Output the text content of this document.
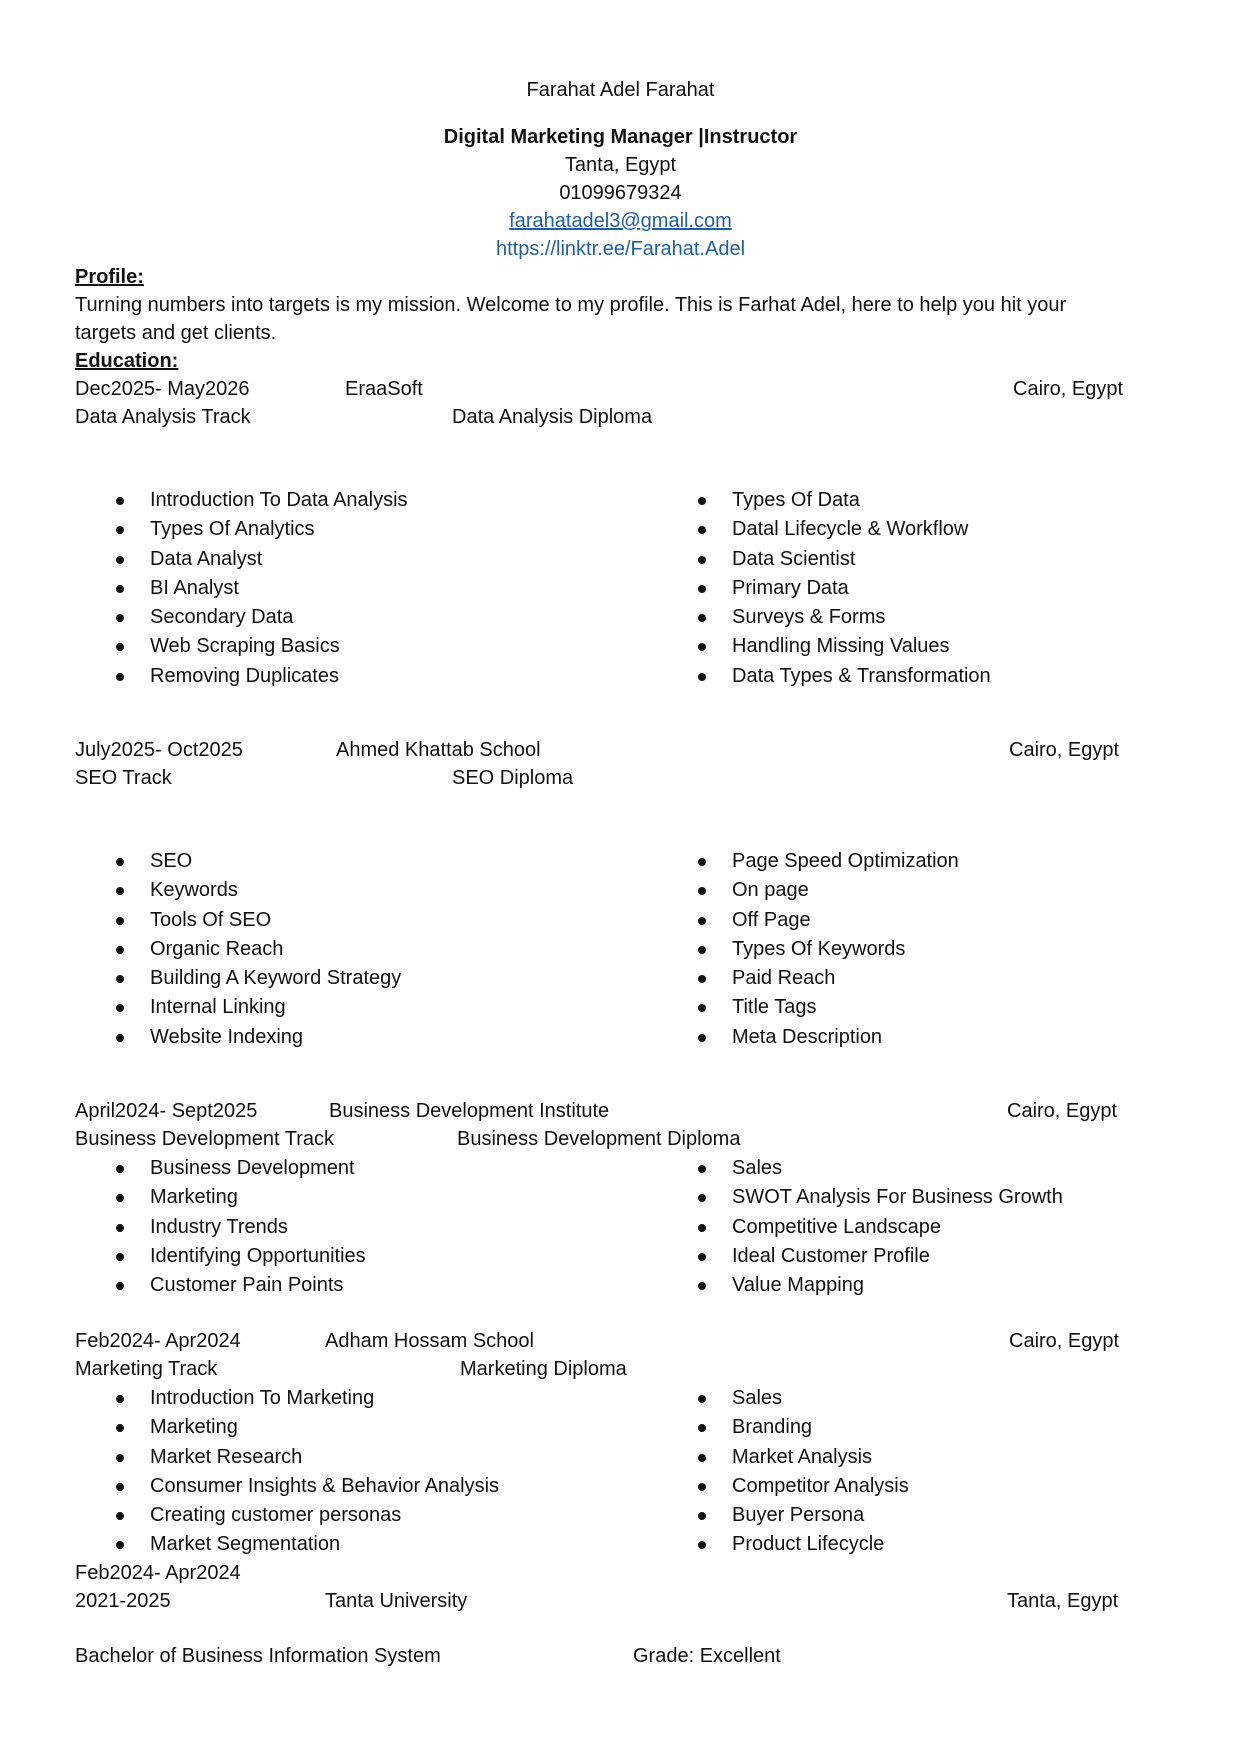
Farahat Adel Farahat
Digital Marketing Manager |Instructor
Tanta, Egypt
01099679324
farahatadel3@gmail.com
https://linktr.ee/Farahat.Adel
Profile:
Turning numbers into targets is my mission. Welcome to my profile. This is Farhat Adel, here to help you hit your
targets and get clients.
Education:
Dec2025- May2026	EraaSoft	Cairo, Egypt
Data Analysis Track	Data Analysis Diploma
Introduction To Data Analysis
Types Of Analytics
Data Analyst
BI Analyst
Secondary Data
Web Scraping Basics
Removing Duplicates
Types Of Data
Datal Lifecycle & Workflow
Data Scientist
Primary Data
Surveys & Forms
Handling Missing Values
Data Types & Transformation
July2025- Oct2025	Ahmed Khattab School	Cairo, Egypt
SEO Track	SEO Diploma
SEO
Keywords
Tools Of SEO
Organic Reach
Building A Keyword Strategy
Internal Linking
Website Indexing
Page Speed Optimization
On page
Off Page
Types Of Keywords
Paid Reach
Title Tags
Meta Description
April2024- Sept2025	Business Development Institute	Cairo, Egypt
Business Development Track	Business Development Diploma
Business Development
Marketing
Industry Trends
Identifying Opportunities
Customer Pain Points
Sales
SWOT Analysis For Business Growth
Competitive Landscape
Ideal Customer Profile
Value Mapping
Feb2024- Apr2024	Adham Hossam School	Cairo, Egypt
Marketing Track	Marketing Diploma
Introduction To Marketing
Marketing
Market Research
Consumer Insights & Behavior Analysis
Creating customer personas
Market Segmentation
Sales
Branding
Market Analysis
Competitor Analysis
Buyer Persona
Product Lifecycle
Feb2024- Apr2024
2021-2025	Tanta University	Tanta, Egypt
Bachelor of Business Information System	Grade: Excellent
